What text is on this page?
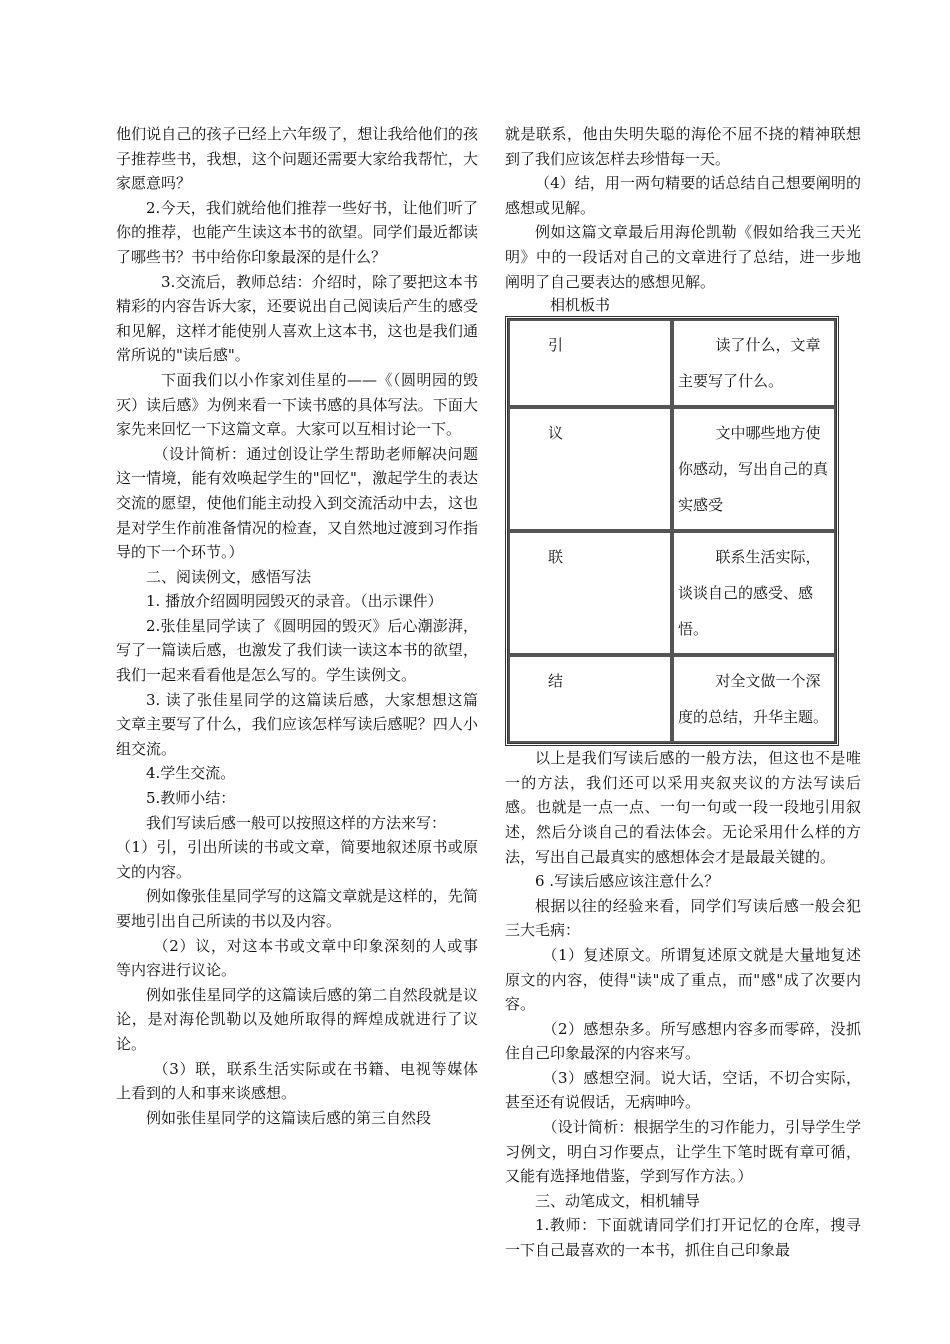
他们说自己的孩子已经上六年级了，想让我给他们的孩子推荐些书，我想，这个问题还需要大家给我帮忙，大家愿意吗？

2.今天，我们就给他们推荐一些好书，让他们听了你的推荐，也能产生读这本书的欲望。同学们最近都读了哪些书？书中给你印象最深的是什么？

3.交流后，教师总结：介绍时，除了要把这本书精彩的内容告诉大家，还要说出自己阅读后产生的感受和见解，这样才能使别人喜欢上这本书，这也是我们通常所说的"读后感"。

下面我们以小作家刘佳星的——《（圆明园的毁灭）读后感》为例来看一下读书感的具体写法。下面大家先来回忆一下这篇文章。大家可以互相讨论一下。

（设计简析：通过创设让学生帮助老师解决问题这一情境，能有效唤起学生的"回忆"，激起学生的表达交流的愿望，使他们能主动投入到交流活动中去，这也是对学生作前准备情况的检查，又自然地过渡到习作指导的下一个环节。）

二、阅读例文，感悟写法

1. 播放介绍圆明园毁灭的录音。（出示课件）

2.张佳星同学读了《圆明园的毁灭》后心潮澎湃，写了一篇读后感，也激发了我们读一读这本书的欲望，我们一起来看看他是怎么写的。学生读例文。

3. 读了张佳星同学的这篇读后感，大家想想这篇文章主要写了什么，我们应该怎样写读后感呢？四人小组交流。

4.学生交流。

5.教师小结：

我们写读后感一般可以按照这样的方法来写：

（1）引，引出所读的书或文章，简要地叙述原书或原文的内容。

例如像张佳星同学写的这篇文章就是这样的，先简要地引出自己所读的书以及内容。

（2）议，对这本书或文章中印象深刻的人或事等内容进行议论。

例如张佳星同学的这篇读后感的第二自然段就是议论，是对海伦凯勒以及她所取得的辉煌成就进行了议论。

（3）联，联系生活实际或在书籍、电视等媒体上看到的人和事来谈感想。

例如张佳星同学的这篇读后感的第三自然段

就是联系，他由失明失聪的海伦不屈不挠的精神联想到了我们应该怎样去珍惜每一天。

（4）结，用一两句精要的话总结自己想要阐明的感想或见解。

例如这篇文章最后用海伦凯勒《假如给我三天光明》中的一段话对自己的文章进行了总结，进一步地阐明了自己要表达的感想见解。

相机板书

引	读了什么，文章主要写了什么。
议	文中哪些地方使你感动，写出自己的真实感受
联	联系生活实际，谈谈自己的感受、感悟。
结	对全文做一个深度的总结，升华主题。

以上是我们写读后感的一般方法，但这也不是唯一的方法，我们还可以采用夹叙夹议的方法写读后感。也就是一点一点、一句一句或一段一段地引用叙述，然后分谈自己的看法体会。无论采用什么样的方法，写出自己最真实的感想体会才是最最关键的。

6 .写读后感应该注意什么？

根据以往的经验来看，同学们写读后感一般会犯三大毛病：

（1）复述原文。所谓复述原文就是大量地复述原文的内容，使得"读"成了重点，而"感"成了次要内容。

（2）感想杂多。所写感想内容多而零碎，没抓住自己印象最深的内容来写。

（3）感想空洞。说大话，空话，不切合实际，甚至还有说假话，无病呻吟。

（设计简析：根据学生的习作能力，引导学生学习例文，明白习作要点，让学生下笔时既有章可循，又能有选择地借鉴，学到写作方法。）

三、动笔成文，相机辅导

1.教师：下面就请同学们打开记忆的仓库，搜寻一下自己最喜欢的一本书，抓住自己印象最
